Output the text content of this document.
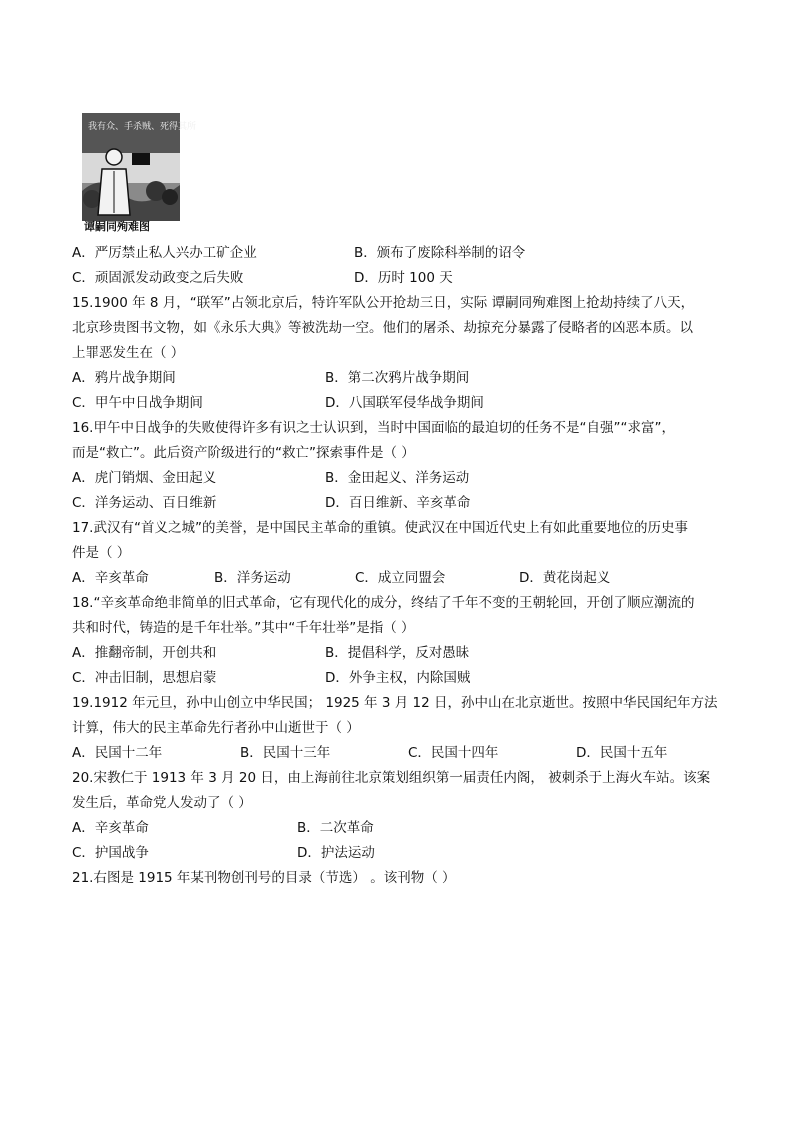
我有众、手杀贼、死得其所
谭嗣同殉难图
A．严厉禁止私人兴办工矿企业	B．颁布了废除科举制的诏令
C．顽固派发动政变之后失败	D．历时 100 天
15.1900 年 8 月，“联军”占领北京后，特许军队公开抢劫三日，实际 谭嗣同殉难图上抢劫持续了八天，
北京珍贵图书文物，如《永乐大典》等被洗劫一空。他们的屠杀、劫掠充分暴露了侵略者的凶恶本质。以
上罪恶发生在（ ）
A．鸦片战争期间	B．第二次鸦片战争期间
C．甲午中日战争期间	D．八国联军侵华战争期间
16.甲午中日战争的失败使得许多有识之士认识到，当时中国面临的最迫切的任务不是“自强”“求富”，
而是“救亡”。此后资产阶级进行的“救亡”探索事件是（ ）
A．虎门销烟、金田起义	B．金田起义、洋务运动
C．洋务运动、百日维新	D．百日维新、辛亥革命
17.武汉有“首义之城”的美誉，是中国民主革命的重镇。使武汉在中国近代史上有如此重要地位的历史事
件是（ ）
A．辛亥革命	B．洋务运动	C．成立同盟会	D．黄花岗起义
18.“辛亥革命绝非简单的旧式革命，它有现代化的成分，终结了千年不变的王朝轮回，开创了顺应潮流的
共和时代，铸造的是千年壮举。”其中“千年壮举”是指（ ）
A．推翻帝制，开创共和	B．提倡科学，反对愚昧
C．冲击旧制，思想启蒙	D．外争主权，内除国贼
19.1912 年元旦，孙中山创立中华民国； 1925 年 3 月 12 日，孙中山在北京逝世。按照中华民国纪年方法
计算，伟大的民主革命先行者孙中山逝世于（ ）
A．民国十二年	B．民国十三年	C．民国十四年	D．民国十五年
20.宋教仁于 1913 年 3 月 20 日，由上海前往北京策划组织第一届责任内阁， 被刺杀于上海火车站。该案
发生后，革命党人发动了（ ）
A．辛亥革命	B．二次革命
C．护国战争	D．护法运动
21.右图是 1915 年某刊物创刊号的目录（节选） 。该刊物（ ）
